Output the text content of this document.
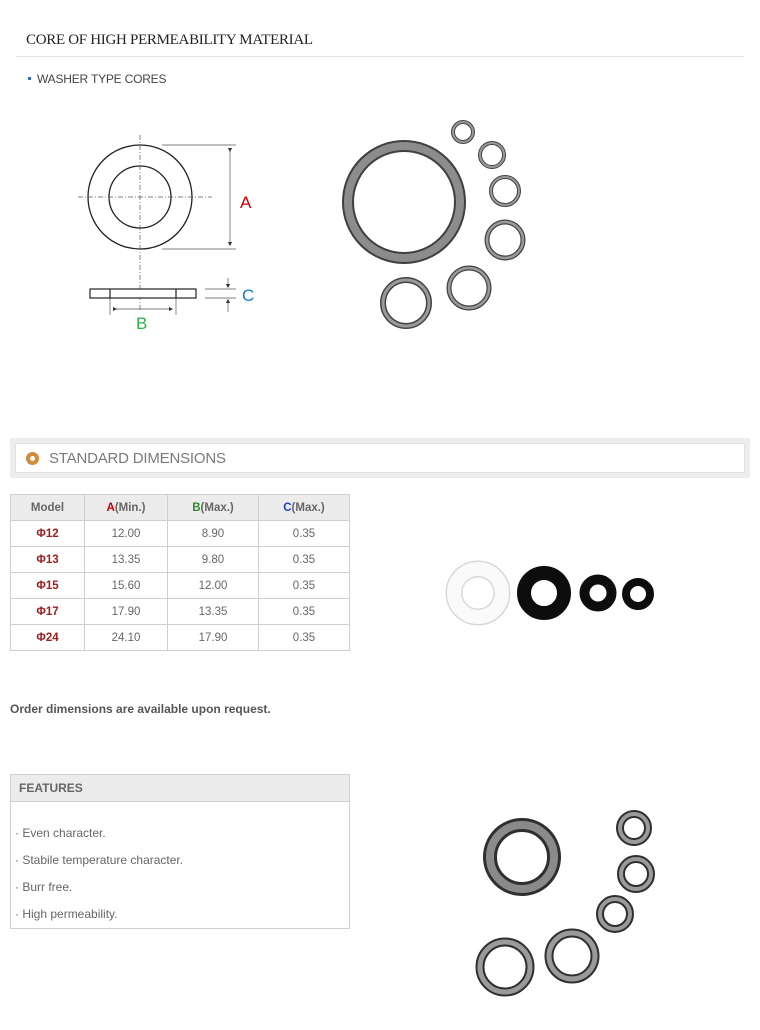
CORE OF HIGH PERMEABILITY MATERIAL
WASHER TYPE CORES
A
C
B
STANDARD DIMENSIONS
Model	A(Min.)	B(Max.)	C(Max.)
Φ12	12.00	8.90	0.35
Φ13	13.35	9.80	0.35
Φ15	15.60	12.00	0.35
Φ17	17.90	13.35	0.35
Φ24	24.10	17.90	0.35
Order dimensions are available upon request.
FEATURES
· Even character.
· Stabile temperature character.
· Burr free.
· High permeability.
